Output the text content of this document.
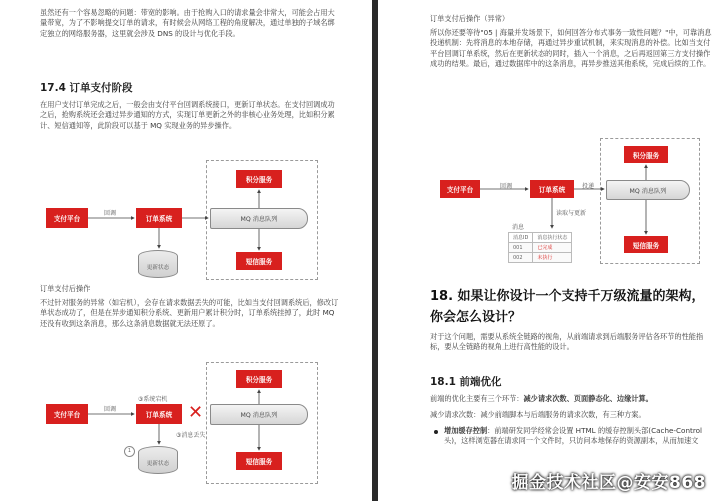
虽然还有一个容易忽略的问题：带宽的影响。由于抢购入口的请求量会非常大，可能会占用大量带宽，为了不影响提交订单的请求，有时候会从网络工程的角度解决，通过单独的子域名绑定独立的网络服务器，这里就会涉及 DNS 的设计与优化手段。

17.4 订单支付阶段

在用户支付订单完成之后，一般会由支付平台回调系统接口，更新订单状态。在支付回调成功之后，抢购系统还会通过异步通知的方式，实现订单更新之外的非核心业务处理，比如积分累计、短信通知等，此阶段可以基于 MQ 实现业务的异步操作。

支付平台
回调
订单系统
积分服务
MQ 消息队列
短信服务
更新状态

订单支付后操作

不过针对服务的异常（如宕机），会存在请求数据丢失的可能，比如当支付回调系统后，修改订单状态成功了，但是在异步通知积分系统、更新用户累计积分时，订单系统挂掉了，此时 MQ 还没有收到这条消息，那么这条消息数据就无法还原了。

支付平台
回调
③系统宕机
订单系统 ✕
积分服务
MQ 消息队列
③消息丢失
短信服务
更新状态
1

订单支付后操作（异常）

所以你还要等待"05 | 海量并发场景下，如何回答分布式事务一致性问题？"中，可靠消息投递机制：先将消息的本地存储，再通过异步重试机制，来实现消息的补偿。比如当支付平台回调订单系统，然后在更新状态的同时，插入一个消息，之后再返回第三方支付操作成功的结果。最后，通过数据库中的这条消息，再异步推送其他系统，完成后续的工作。

支付平台	回调	订单系统	投递
积分服务
MQ 消息队列
短信服务
读取与更新
消息
消息ID	消息执行状态
001	已完成
002	未执行

18. 如果让你设计一个支持千万级流量的架构，你会怎么设计？

对于这个问题，需要从系统全链路的视角，从前端请求到后端服务评估各环节的性能指标，要从全链路的视角上进行高性能的设计。

18.1 前端优化

前端的优化主要有三个环节：减少请求次数、页面静态化、边缘计算。

减少请求次数：减少前端脚本与后端服务的请求次数，有三种方案。

增加缓存控制：前端研发同学经常会设置 HTML 的缓存控制头部(Cache-Control头)，这样浏览器在请求同一个文件时，只访问本地保存的资源副本，从而加速文

掘金技术社区@安安868
